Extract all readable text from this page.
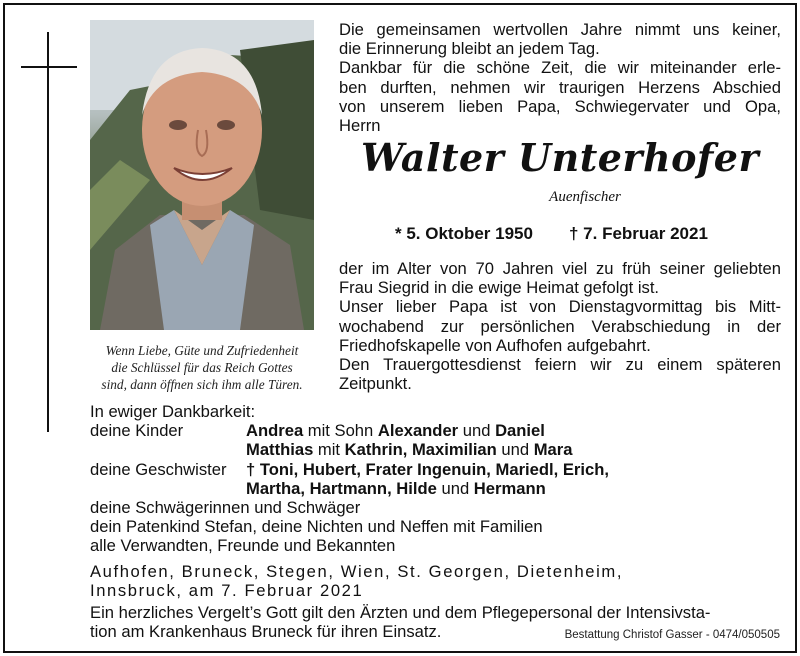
Wenn Liebe, Güte und Zufriedenheit
die Schlüssel für das Reich Gottes
sind, dann öffnen sich ihm alle Türen.
Die gemeinsamen wertvollen Jahre nimmt uns keiner,
die Erinnerung bleibt an jedem Tag.
Dankbar für die schöne Zeit, die wir miteinander erle-
ben durften, nehmen wir traurigen Herzens Abschied
von unserem lieben Papa, Schwiegervater und Opa,
Herrn
Walter Unterhofer
Auenfischer
* 5. Oktober 1950 † 7. Februar 2021
der im Alter von 70 Jahren viel zu früh seiner geliebten
Frau Siegrid in die ewige Heimat gefolgt ist.
Unser lieber Papa ist von Dienstagvormittag bis Mitt-
wochabend zur persönlichen Verabschiedung in der
Friedhofskapelle von Aufhofen aufgebahrt.
Den Trauergottesdienst feiern wir zu einem späteren
Zeitpunkt.
In ewiger Dankbarkeit:
deine Kinder	Andrea mit Sohn Alexander und Daniel
Matthias mit Kathrin, Maximilian und Mara
deine Geschwister † Toni, Hubert, Frater Ingenuin, Mariedl, Erich,
Martha, Hartmann, Hilde und Hermann
deine Schwägerinnen und Schwäger
dein Patenkind Stefan, deine Nichten und Neffen mit Familien
alle Verwandten, Freunde und Bekannten
Aufhofen, Bruneck, Stegen, Wien, St. Georgen, Dietenheim,
Innsbruck, am 7. Februar 2021
Ein herzliches Vergelt’s Gott gilt den Ärzten und dem Pflegepersonal der Intensivsta-
tion am Krankenhaus Bruneck für ihren Einsatz.	Bestattung Christof Gasser - 0474/050505
